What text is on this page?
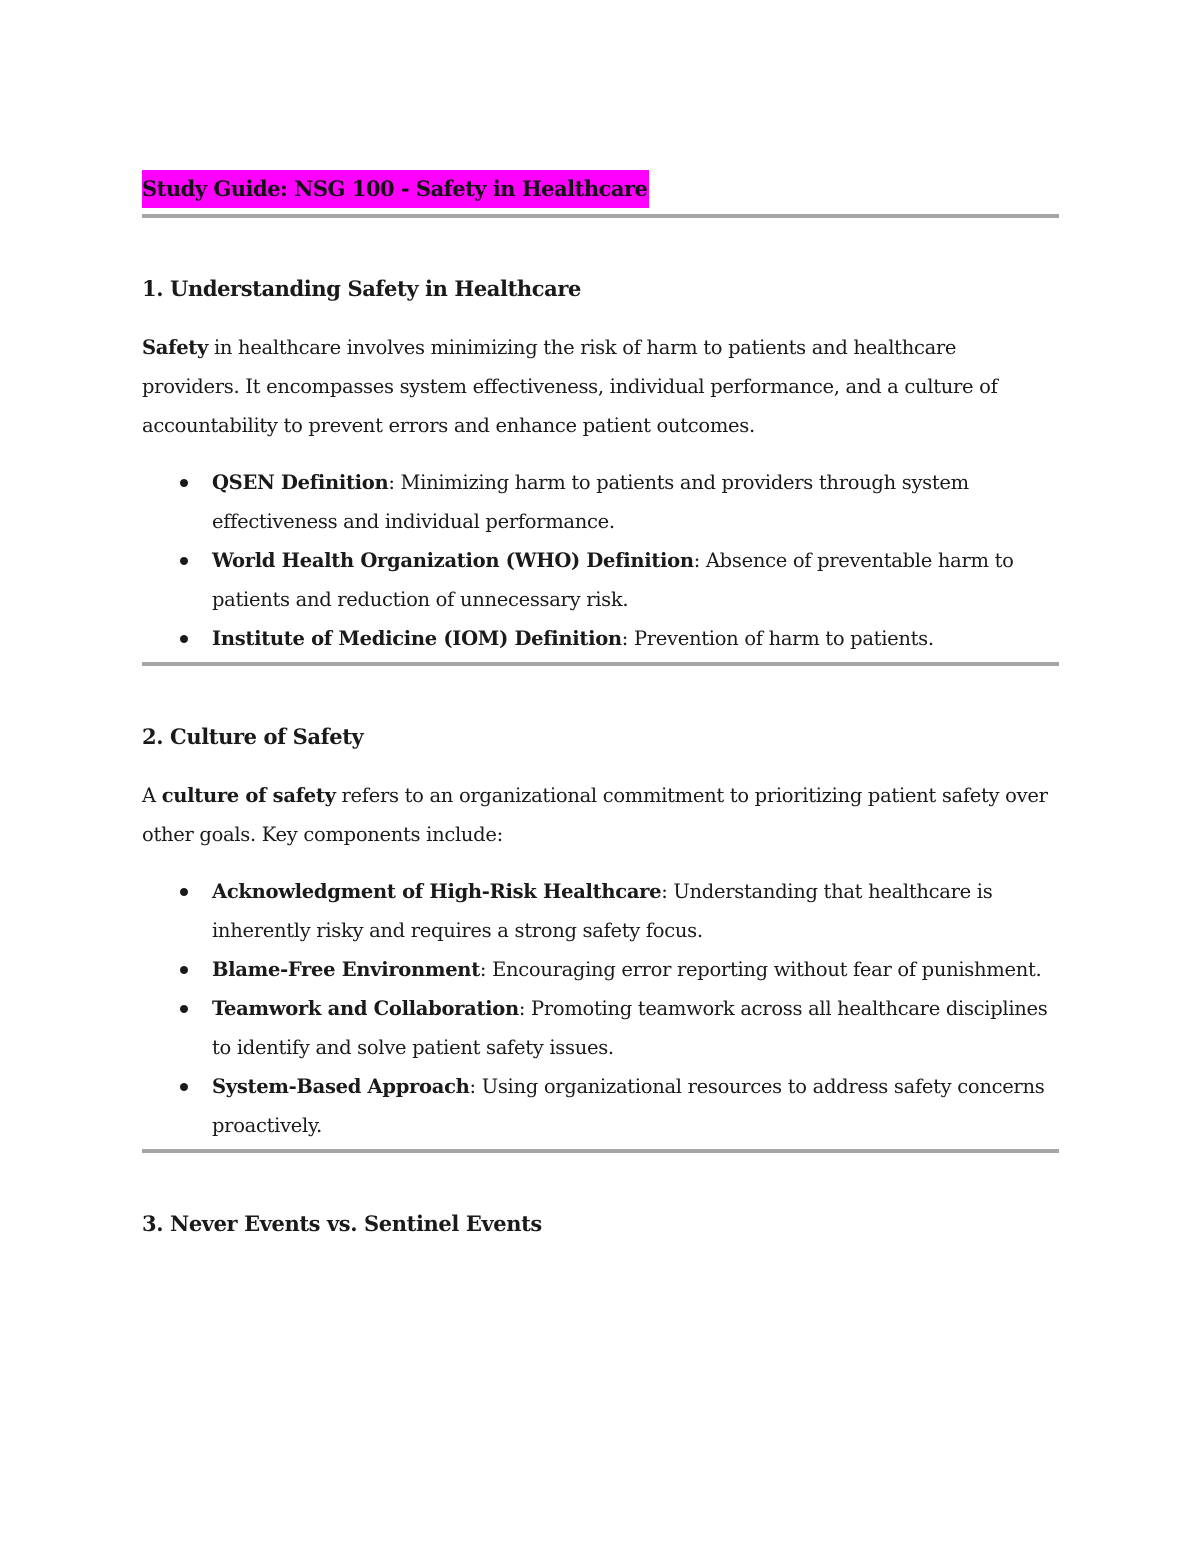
Study Guide: NSG 100 - Safety in Healthcare
1. Understanding Safety in Healthcare

Safety in healthcare involves minimizing the risk of harm to patients and healthcare providers. It encompasses system effectiveness, individual performance, and a culture of accountability to prevent errors and enhance patient outcomes.

QSEN Definition: Minimizing harm to patients and providers through system effectiveness and individual performance.
World Health Organization (WHO) Definition: Absence of preventable harm to patients and reduction of unnecessary risk.
Institute of Medicine (IOM) Definition: Prevention of harm to patients.
2. Culture of Safety

A culture of safety refers to an organizational commitment to prioritizing patient safety over other goals. Key components include:

Acknowledgment of High-Risk Healthcare: Understanding that healthcare is inherently risky and requires a strong safety focus.
Blame-Free Environment: Encouraging error reporting without fear of punishment.
Teamwork and Collaboration: Promoting teamwork across all healthcare disciplines to identify and solve patient safety issues.
System-Based Approach: Using organizational resources to address safety concerns proactively.
3. Never Events vs. Sentinel Events
